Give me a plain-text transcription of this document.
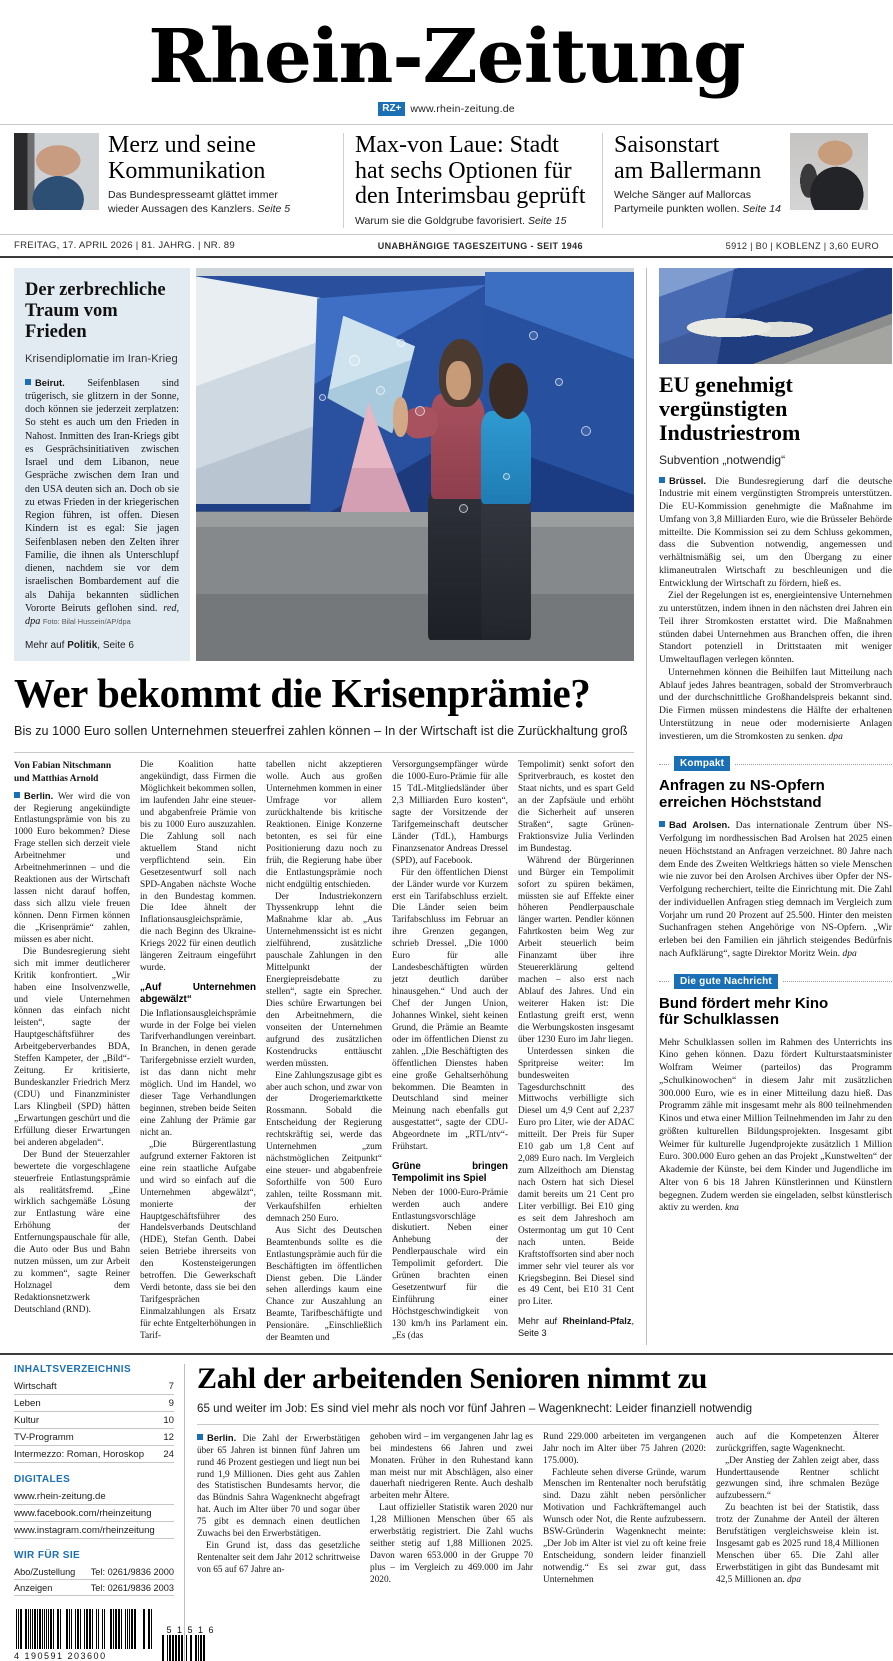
Rhein-Zeitung
RZ+ www.rhein-zeitung.de
Merz und seine
Kommunikation
Das Bundespresseamt glättet immer
wieder Aussagen des Kanzlers. Seite 5
Max-von Laue: Stadt
hat sechs Optionen für
den Interimsbau geprüft
Warum sie die Goldgrube favorisiert. Seite 15
Saisonstart
am Ballermann
Welche Sänger auf Mallorcas
Partymeile punkten wollen. Seite 14
FREITAG, 17. APRIL 2026 | 81. JAHRG. | NR. 89	UNABHÄNGIGE TAGESZEITUNG - SEIT 1946	5912 | B0 | KOBLENZ | 3,60 EURO
Der zerbrechliche
Traum vom Frieden
Krisendiplomatie im Iran-Krieg
Beirut. Seifenblasen sind trügerisch, sie glitzern in der Sonne, doch können sie jederzeit zerplatzen: So steht es auch um den Frieden in Nahost. Inmitten des Iran-Kriegs gibt es Gesprächsinitiativen zwischen Israel und dem Libanon, neue Gespräche zwischen dem Iran und den USA deuten sich an. Doch ob sie zu etwas Frieden in der kriegerischen Region führen, ist offen. Diesen Kindern ist es egal: Sie jagen Seifenblasen neben den Zelten ihrer Familie, die ihnen als Unterschlupf dienen, nachdem sie vor dem israelischen Bombardement auf die als Dahija bekannten südlichen Vororte Beiruts geflohen sind. red, dpa Foto: Bilal Hussein/AP/dpa
Mehr auf Politik, Seite 6
Wer bekommt die Krisenprämie?
Bis zu 1000 Euro sollen Unternehmen steuerfrei zahlen können – In der Wirtschaft ist die Zurückhaltung groß
Von Fabian Nitschmann
und Matthias Arnold

Berlin. Wer wird die von der Regierung angekündigte Entlastungsprämie von bis zu 1000 Euro bekommen? Diese Frage stellen sich derzeit viele Arbeitnehmer und Arbeitnehmerinnen – und die Reaktionen aus der Wirtschaft lassen nicht darauf hoffen, dass sich allzu viele freuen können. Denn Firmen können die „Krisenprämie“ zahlen, müssen es aber nicht.

Die Bundesregierung sieht sich mit immer deutlicherer Kritik konfrontiert. „Wir haben eine Insolvenzwelle, und viele Unternehmen können das einfach nicht leisten“, sagte der Hauptgeschäftsführer des Arbeitgeberverbandes BDA, Steffen Kampeter, der „Bild“-Zeitung. Er kritisierte, Bundeskanzler Friedrich Merz (CDU) und Finanzminister Lars Klingbeil (SPD) hätten „Erwartungen geschürt und die Erfüllung dieser Erwartungen bei anderen abgeladen“.

Der Bund der Steuerzahler bewertete die vorgeschlagene steuerfreie Entlastungsprämie als realitätsfremd. „Eine wirklich sachgemäße Lösung zur Entlastung wäre eine Erhöhung der Entfernungspauschale für alle, die Auto oder Bus und Bahn nutzen müssen, um zur Arbeit zu kommen“, sagte Reiner Holznagel dem Redaktionsnetzwerk Deutschland (RND).

Die Koalition hatte angekündigt, dass Firmen die Möglichkeit bekommen sollen, im laufenden Jahr eine steuer- und abgabenfreie Prämie von bis zu 1000 Euro auszuzahlen. Die Zahlung soll nach aktuellem Stand nicht verpflichtend sein. Ein Gesetzesentwurf soll nach SPD-Angaben nächste Woche in den Bundestag kommen. Die Idee ähnelt der Inflationsausgleichsprämie, die nach Beginn des Ukraine-Kriegs 2022 für einen deutlich längeren Zeitraum eingeführt wurde.

„Auf Unternehmen abgewälzt“

Die Inflationsausgleichsprämie wurde in der Folge bei vielen Tarifverhandlungen vereinbart. In Branchen, in denen gerade Tarifergebnisse erzielt wurden, ist das dann nicht mehr möglich. Und im Handel, wo dieser Tage Verhandlungen beginnen, streben beide Seiten eine Zahlung der Prämie gar nicht an.

„Die Bürgerentlastung aufgrund externer Faktoren ist eine rein staatliche Aufgabe und wird so einfach auf die Unternehmen abgewälzt“, monierte der Hauptgeschäftsführer des Handelsverbands Deutschland (HDE), Stefan Genth. Dabei seien Betriebe ihrerseits von den Kostensteigerungen betroffen. Die Gewerkschaft Verdi betonte, dass sie bei den Tarifgesprächen Einmalzahlungen als Ersatz für echte Entgelterhöhungen in Tarif-

tabellen nicht akzeptieren wolle. Auch aus großen Unternehmen kommen in einer Umfrage vor allem zurückhaltende bis kritische Reaktionen. Einige Konzerne betonten, es sei für eine Positionierung dazu noch zu früh, die Regierung habe über die Entlastungsprämie noch nicht endgültig entschieden.

Der Industriekonzern Thyssenkrupp lehnt die Maßnahme klar ab. „Aus Unternehmenssicht ist es nicht zielführend, zusätzliche pauschale Zahlungen in den Mittelpunkt der Energiepreisdebatte zu stellen“, sagte ein Sprecher. Dies schüre Erwartungen bei den Arbeitnehmern, die vonseiten der Unternehmen aufgrund des zusätzlichen Kostendrucks enttäuscht werden müssten.

Eine Zahlungszusage gibt es aber auch schon, und zwar von der Drogeriemarktkette Rossmann. Sobald die Entscheidung der Regierung rechtskräftig sei, werde das Unternehmen „zum nächstmöglichen Zeitpunkt“ eine steuer- und abgabenfreie Soforthilfe von 500 Euro zahlen, teilte Rossmann mit. Verkaufshilfen erhielten demnach 250 Euro.

Aus Sicht des Deutschen Beamtenbunds sollte es die Entlastungsprämie auch für die Beschäftigten im öffentlichen Dienst geben. Die Länder sehen allerdings kaum eine Chance zur Auszahlung an Beamte, Tarifbeschäftigte und Pensionäre. „Einschließlich der Beamten und

Versorgungsempfänger würde die 1000-Euro-Prämie für alle 15 TdL-Mitgliedsländer über 2,3 Milliarden Euro kosten“, sagte der Vorsitzende der Tarifgemeinschaft deutscher Länder (TdL), Hamburgs Finanzsenator Andreas Dressel (SPD), auf Facebook.

Für den öffentlichen Dienst der Länder wurde vor Kurzem erst ein Tarifabschluss erzielt. Die Länder seien beim Tarifabschluss im Februar an ihre Grenzen gegangen, schrieb Dressel. „Die 1000 Euro für alle Landesbeschäftigten würden jetzt deutlich darüber hinausgehen.“ Und auch der Chef der Jungen Union, Johannes Winkel, sieht keinen Grund, die Prämie an Beamte oder im öffentlichen Dienst zu zahlen. „Die Beschäftigten des öffentlichen Dienstes haben eine große Gehaltserhöhung bekommen. Die Beamten in Deutschland sind meiner Meinung nach ebenfalls gut ausgestattet“, sagte der CDU-Abgeordnete im „RTL/ntv“-Frühstart.

Grüne bringen Tempolimit ins Spiel

Neben der 1000-Euro-Prämie werden auch andere Entlastungsvorschläge diskutiert. Neben einer Anhebung der Pendlerpauschale wird ein Tempolimit gefordert. Die Grünen brachten einen Gesetzentwurf für die Einführung einer Höchstgeschwindigkeit von 130 km/h ins Parlament ein. „Es (das

Tempolimit) senkt sofort den Spritverbrauch, es kostet den Staat nichts, und es spart Geld an der Zapfsäule und erhöht die Sicherheit auf unseren Straßen“, sagte Grünen-Fraktionsvize Julia Verlinden im Bundestag.

Während der Bürgerinnen und Bürger ein Tempolimit sofort zu spüren bekämen, müssten sie auf Effekte einer höheren Pendlerpauschale länger warten. Pendler können Fahrtkosten beim Weg zur Arbeit steuerlich beim Finanzamt über ihre Steuererklärung geltend machen – also erst nach Ablauf des Jahres. Und ein weiterer Haken ist: Die Entlastung greift erst, wenn die Werbungskosten insgesamt über 1230 Euro im Jahr liegen.

Unterdessen sinken die Spritpreise weiter: Im bundesweiten Tagesdurchschnitt des Mittwochs verbilligte sich Diesel um 4,9 Cent auf 2,237 Euro pro Liter, wie der ADAC mitteilt. Der Preis für Super E10 gab um 1,8 Cent auf 2,089 Euro nach. Im Vergleich zum Allzeithoch am Dienstag nach Ostern hat sich Diesel damit bereits um 21 Cent pro Liter verbilligt. Bei E10 ging es seit dem Jahreshoch am Ostermontag um gut 10 Cent nach unten. Beide Kraftstoffsorten sind aber noch immer sehr viel teurer als vor Kriegsbeginn. Bei Diesel sind es 49 Cent, bei E10 31 Cent pro Liter.

Mehr auf Rheinland-Pfalz, Seite 3
EU genehmigt
vergünstigten
Industriestrom
Subvention „notwendig“

Brüssel. Die Bundesregierung darf die deutsche Industrie mit einem vergünstigten Strompreis unterstützen. Die EU-Kommission genehmigte die Maßnahme im Umfang von 3,8 Milliarden Euro, wie die Brüsseler Behörde mitteilte. Die Kommission sei zu dem Schluss gekommen, dass die Subvention notwendig, angemessen und verhältnismäßig sei, um den Übergang zu einer klimaneutralen Wirtschaft zu beschleunigen und die Entwicklung der Wirtschaft zu fördern, hieß es.

Ziel der Regelungen ist es, energieintensive Unternehmen zu unterstützen, indem ihnen in den nächsten drei Jahren ein Teil ihrer Stromkosten erstattet wird. Die Maßnahmen stünden dabei Unternehmen aus Branchen offen, die ihren Standort potenziell in Drittstaaten mit weniger Umweltauflagen verlegen könnten.

Unternehmen können die Beihilfen laut Mitteilung nach Ablauf jedes Jahres beantragen, sobald der Stromverbrauch und der durchschnittliche Großhandelspreis bekannt sind. Die Firmen müssen mindestens die Hälfte der erhaltenen Unterstützung in neue oder modernisierte Anlagen investieren, um die Stromkosten zu senken. dpa

Kompakt
Anfragen zu NS-Opfern
erreichen Höchststand

Bad Arolsen. Das internationale Zentrum über NS-Verfolgung im nordhessischen Bad Arolsen hat 2025 einen neuen Höchststand an Anfragen verzeichnet. 80 Jahre nach dem Ende des Zweiten Weltkriegs hätten so viele Menschen wie nie zuvor bei den Arolsen Archives über Opfer der NS-Verfolgung recherchiert, teilte die Einrichtung mit. Die Zahl der individuellen Anfragen stieg demnach im Vergleich zum Vorjahr um rund 20 Prozent auf 25.500. Hinter den meisten Suchanfragen stehen Angehörige von NS-Opfern. „Wir erleben bei den Familien ein jährlich steigendes Bedürfnis nach Aufklärung“, sagte Direktor Moritz Wein. dpa

Die gute Nachricht
Bund fördert mehr Kino
für Schulklassen

Mehr Schulklassen sollen im Rahmen des Unterrichts ins Kino gehen können. Dazu fördert Kulturstaatsminister Wolfram Weimer (parteilos) das Programm „Schulkinowochen“ in diesem Jahr mit zusätzlichen 300.000 Euro, wie es in einer Mitteilung dazu hieß. Das Programm zähle mit insgesamt mehr als 800 teilnehmenden Kinos und etwa einer Million Teilnehmenden im Jahr zu den größten kulturellen Bildungsprojekten. Insgesamt gibt Weimer für kulturelle Jugendprojekte zusätzlich 1 Million Euro. 300.000 Euro gehen an das Projekt „Kunstwelten“ der Akademie der Künste, bei dem Kinder und Jugendliche im Alter von 6 bis 18 Jahren Künstlerinnen und Künstlern begegnen. Zudem werden sie eingeladen, selbst künstlerisch aktiv zu werden. kna

INHALTSVERZEICHNIS
Wirtschaft	7
Leben	9
Kultur	10
TV-Programm	12
Intermezzo: Roman, Horoskop 24
DIGITALES
www.rhein-zeitung.de
www.facebook.com/rheinzeitung
www.instagram.com/rheinzeitung
WIR FÜR SIE
Abo/Zustellung Tel: 0261/9836 2000
Anzeigen	Tel: 0261/9836 2003
4 190591 203600
5 1 5 1 6
Zahl der arbeitenden Senioren nimmt zu
65 und weiter im Job: Es sind viel mehr als noch vor fünf Jahren – Wagenknecht: Leider finanziell notwendig

Berlin. Die Zahl der Erwerbstätigen über 65 Jahren ist binnen fünf Jahren um rund 46 Prozent gestiegen und liegt nun bei rund 1,9 Millionen. Dies geht aus Zahlen des Statistischen Bundesamts hervor, die das Bündnis Sahra Wagenknecht abgefragt hat. Auch im Alter über 70 und sogar über 75 gibt es demnach einen deutlichen Zuwachs bei den Erwerbstätigen.

Ein Grund ist, dass das gesetzliche Rentenalter seit dem Jahr 2012 schrittweise von 65 auf 67 Jahre an-

gehoben wird – im vergangenen Jahr lag es bei mindestens 66 Jahren und zwei Monaten. Früher in den Ruhestand kann man meist nur mit Abschlägen, also einer dauerhaft niedrigeren Rente. Auch deshalb arbeiten mehr Ältere.

Laut offizieller Statistik waren 2020 nur 1,28 Millionen Menschen über 65 als erwerbstätig registriert. Die Zahl wuchs seither stetig auf 1,88 Millionen 2025. Davon waren 653.000 in der Gruppe 70 plus – im Vergleich zu 469.000 im Jahr 2020.

Rund 229.000 arbeiteten im vergangenen Jahr noch im Alter über 75 Jahren (2020: 175.000).

Fachleute sehen diverse Gründe, warum Menschen im Rentenalter noch berufstätig sind. Dazu zählt neben persönlicher Motivation und Fachkräftemangel auch Wunsch oder Not, die Rente aufzubessern. BSW-Gründerin Wagenknecht meinte: „Der Job im Alter ist viel zu oft keine freie Entscheidung, sondern leider finanziell notwendig.“ Es sei zwar gut, dass Unternehmen

auch auf die Kompetenzen Älterer zurückgriffen, sagte Wagenknecht.

„Der Anstieg der Zahlen zeigt aber, dass Hunderttausende Rentner schlicht gezwungen sind, ihre schmalen Bezüge aufzubessern.“

Zu beachten ist bei der Statistik, dass trotz der Zunahme der Anteil der älteren Berufstätigen vergleichsweise klein ist. Insgesamt gab es 2025 rund 18,4 Millionen Menschen über 65. Die Zahl aller Erwerbstätigen in gibt das Bundesamt mit 42,5 Millionen an. dpa
